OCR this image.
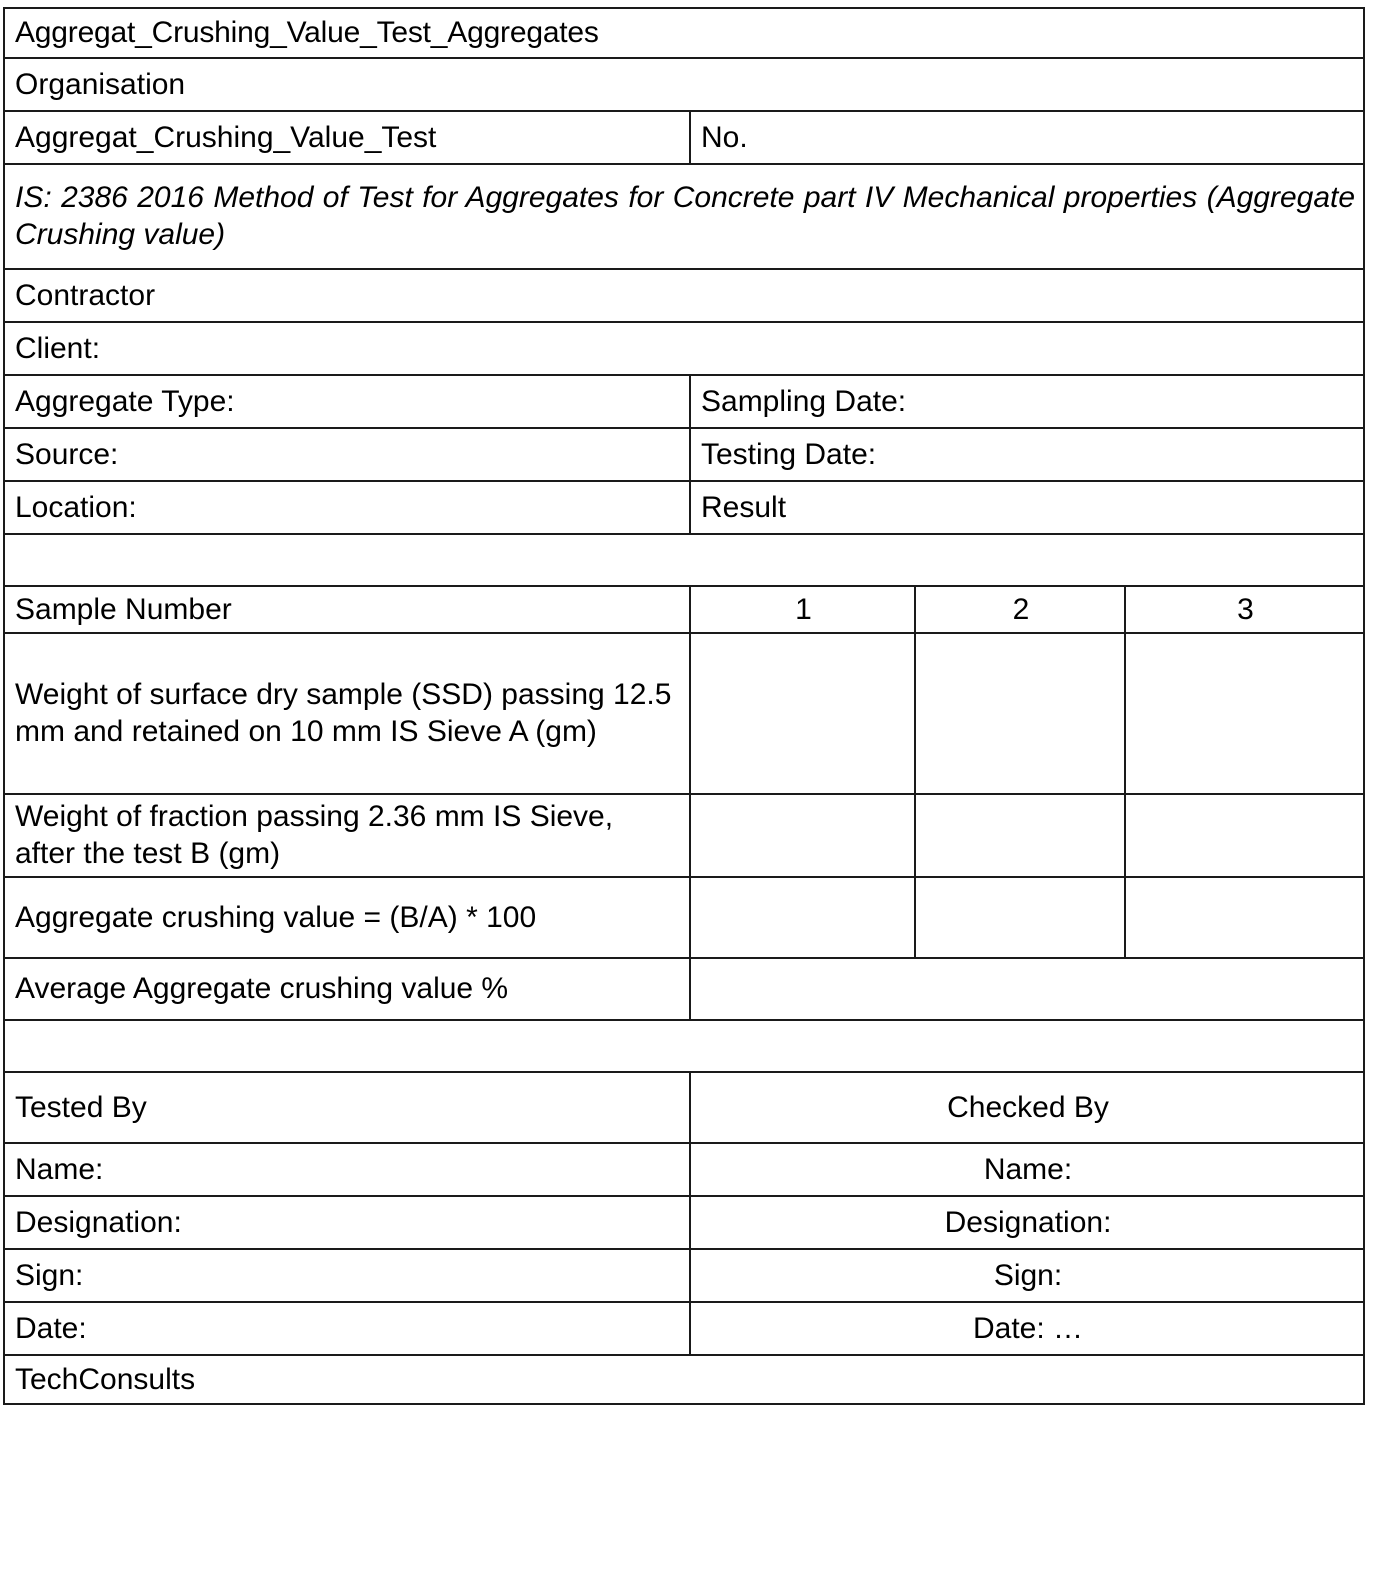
Aggregat_Crushing_Value_Test_Aggregates			
Organisation			
Aggregat_Crushing_Value_Test	No.		
IS: 2386 2016 Method of Test for Aggregates for Concrete part IV Mechanical properties (Aggregate Crushing value)			
Contractor			
Client:			
Aggregate Type:	Sampling Date:		
Source:	Testing Date:		
Location:	Result		

Sample Number	1	2	3
Weight of surface dry sample (SSD) passing 12.5 mm and retained on 10 mm IS Sieve A (gm)			
Weight of fraction passing 2.36 mm IS Sieve, after the test B (gm)			
Aggregate crushing value = (B/A) * 100			
Average Aggregate crushing value %			

Tested By	Checked By		
Name:	Name:		
Designation:	Designation:		
Sign:	Sign:		
Date:	Date: …		
TechConsults			
